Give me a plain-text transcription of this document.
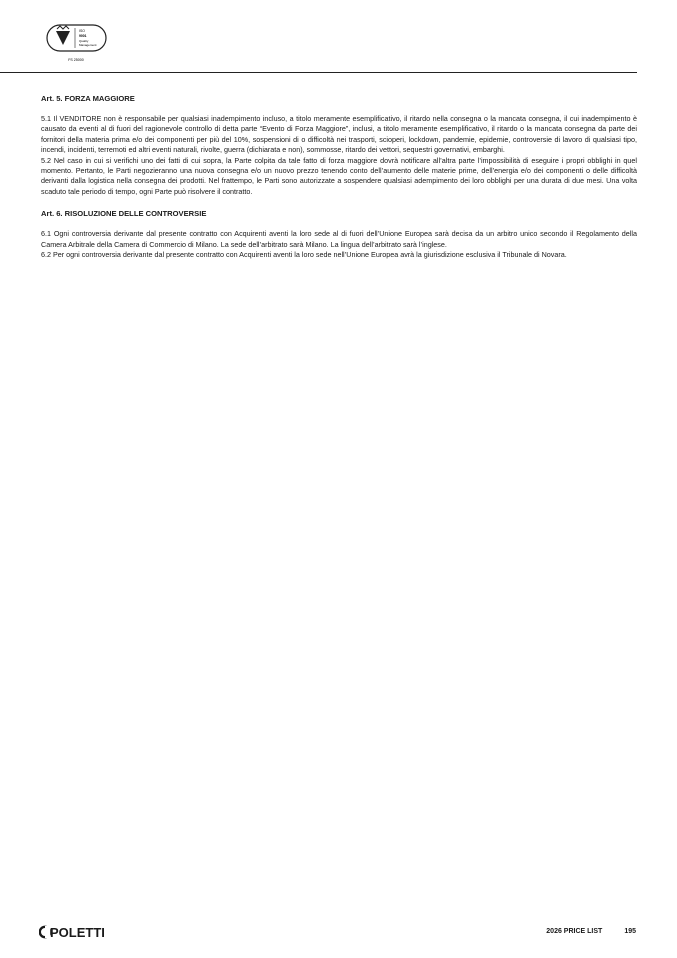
ISO
9001
Quality
Management
FS 25000

Art. 5. FORZA MAGGIORE

5.1 Il VENDITORE non è responsabile per qualsiasi inadempimento incluso, a titolo meramente esemplificativo, il ritardo nella consegna o la mancata consegna, il cui inadempimento è causato da eventi al di fuori del ragionevole controllo di detta parte “Evento di Forza Maggiore”, inclusi, a titolo meramente esemplificativo, il ritardo o la mancata consegna da parte dei fornitori della materia prima e/o dei componenti per più del 10%, sospensioni di o difficoltà nei trasporti, scioperi, lockdown, pandemie, epidemie, controversie di lavoro di qualsiasi tipo, incendi, incidenti, terremoti ed altri eventi naturali, rivolte, guerra (dichiarata e non), sommosse, ritardo dei vettori, sequestri governativi, embarghi.

5.2 Nel caso in cui si verifichi uno dei fatti di cui sopra, la Parte colpita da tale fatto di forza maggiore dovrà notificare all’altra parte l’impossibilità di eseguire i propri obblighi in quel momento. Pertanto, le Parti negozieranno una nuova consegna e/o un nuovo prezzo tenendo conto dell’aumento delle materie prime, dell’energia e/o dei componenti o delle difficoltà derivanti dalla logistica nella consegna dei prodotti. Nel frattempo, le Parti sono autorizzate a sospendere qualsiasi adempimento dei loro obblighi per una durata di due mesi. Una volta scaduto tale periodo di tempo, ogni Parte può risolvere il contratto.

Art. 6. RISOLUZIONE DELLE CONTROVERSIE

6.1 Ogni controversia derivante dal presente contratto con Acquirenti aventi la loro sede al di fuori dell’Unione Europea sarà decisa da un arbitro unico secondo il Regolamento della Camera Arbitrale della Camera di Commercio di Milano. La sede dell’arbitrato sarà Milano. La lingua dell’arbitrato sarà l’inglese.

6.2 Per ogni controversia derivante dal presente contratto con Acquirenti aventi la loro sede nell’Unione Europea avrà la giurisdizione esclusiva il Tribunale di Novara.

POLETTI	2026 PRICE LIST	195
